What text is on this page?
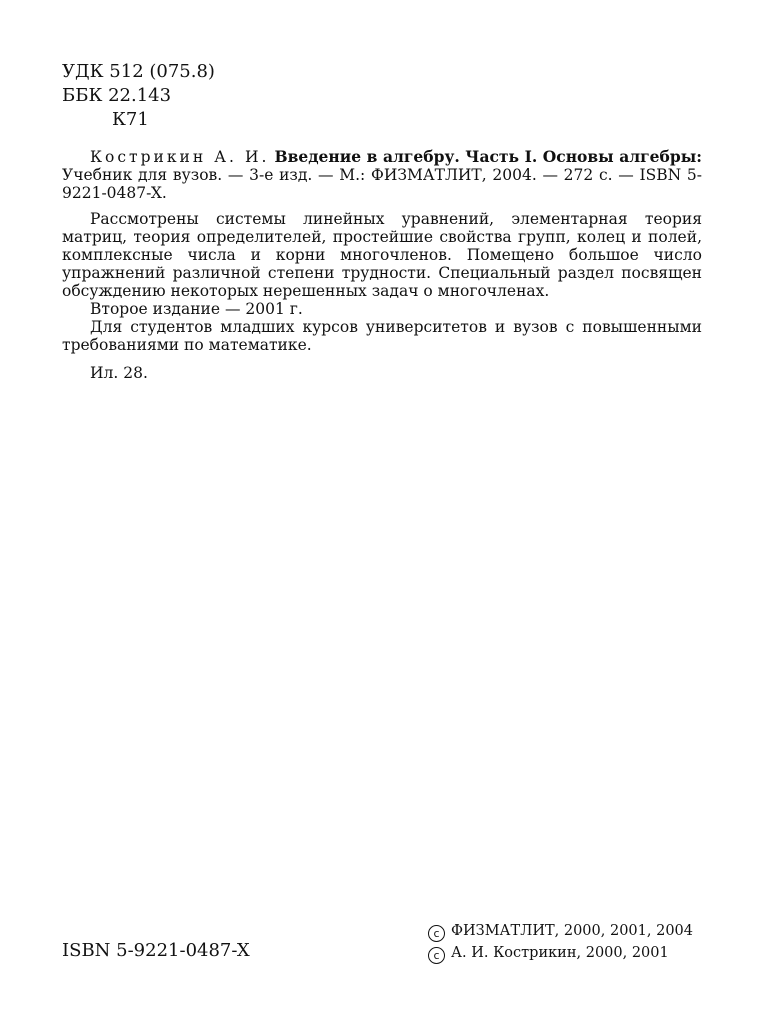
УДК 512 (075.8)
ББК 22.143
К71

Кострикин А. И. Введение в алгебру. Часть I. Основы алгебры: Учебник для вузов. — 3-е изд. — М.: ФИЗМАТЛИТ, 2004. — 272 с. — ISBN 5-9221-0487-X.

Рассмотрены системы линейных уравнений, элементарная теория матриц, теория определителей, простейшие свойства групп, колец и полей, комплексные числа и корни многочленов. Помещено большое число упражнений различной степени трудности. Специальный раздел посвящен обсуждению некоторых нерешенных задач о многочленах.

Второе издание — 2001 г.

Для студентов младших курсов университетов и вузов с повышенными требованиями по математике.

Ил. 28.

ISBN 5-9221-0487-X
c ФИЗМАТЛИТ, 2000, 2001, 2004
c А. И. Кострикин, 2000, 2001
